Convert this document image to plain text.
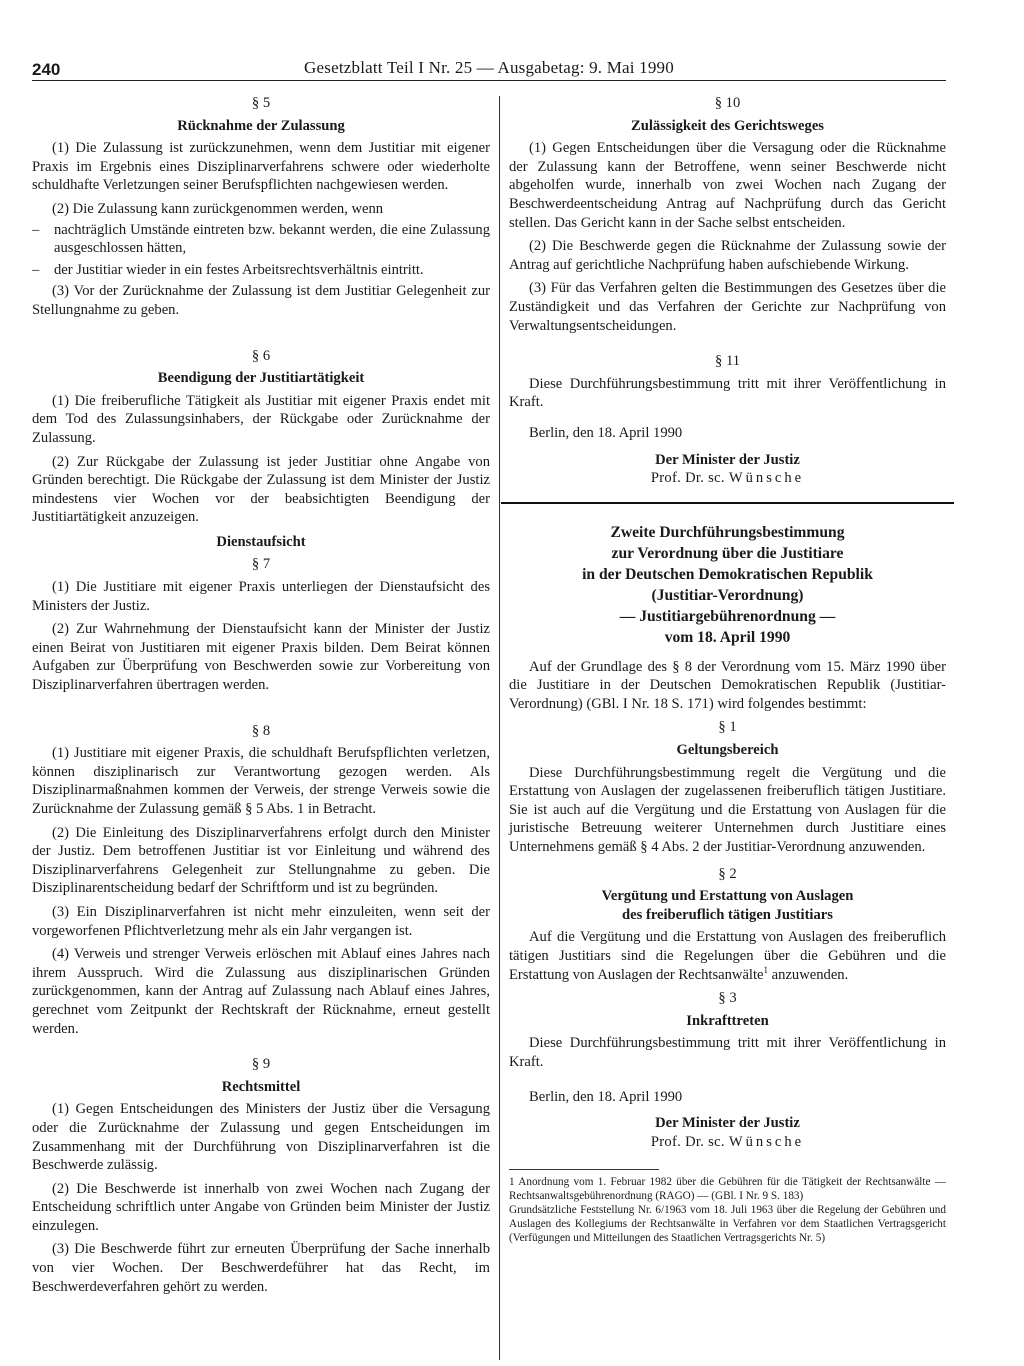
240	Gesetzblatt Teil I Nr. 25 — Ausgabetag: 9. Mai 1990
§ 5
Rücknahme der Zulassung

(1) Die Zulassung ist zurückzunehmen, wenn dem Justitiar mit eigener Praxis im Ergebnis eines Disziplinarverfahrens schwere oder wiederholte schuldhafte Verletzungen seiner Berufspflichten nachgewiesen werden.

(2) Die Zulassung kann zurückgenommen werden, wenn

–	nachträglich Umstände eintreten bzw. bekannt werden, die eine Zulassung ausgeschlossen hätten,
–	der Justitiar wieder in ein festes Arbeitsrechtsverhältnis eintritt.

(3) Vor der Zurücknahme der Zulassung ist dem Justitiar Gelegenheit zur Stellungnahme zu geben.

§ 6
Beendigung der Justitiartätigkeit

(1) Die freiberufliche Tätigkeit als Justitiar mit eigener Praxis endet mit dem Tod des Zulassungsinhabers, der Rückgabe oder Zurücknahme der Zulassung.

(2) Zur Rückgabe der Zulassung ist jeder Justitiar ohne Angabe von Gründen berechtigt. Die Rückgabe der Zulassung ist dem Minister der Justiz mindestens vier Wochen vor der beabsichtigten Beendigung der Justitiartätigkeit anzuzeigen.

Dienstaufsicht
§ 7

(1) Die Justitiare mit eigener Praxis unterliegen der Dienstaufsicht des Ministers der Justiz.

(2) Zur Wahrnehmung der Dienstaufsicht kann der Minister der Justiz einen Beirat von Justitiaren mit eigener Praxis bilden. Dem Beirat können Aufgaben zur Überprüfung von Beschwerden sowie zur Vorbereitung von Disziplinarverfahren übertragen werden.

§ 8

(1) Justitiare mit eigener Praxis, die schuldhaft Berufspflichten verletzen, können disziplinarisch zur Verantwortung gezogen werden. Als Disziplinarmaßnahmen kommen der Verweis, der strenge Verweis sowie die Zurücknahme der Zulassung gemäß § 5 Abs. 1 in Betracht.

(2) Die Einleitung des Disziplinarverfahrens erfolgt durch den Minister der Justiz. Dem betroffenen Justitiar ist vor Einleitung und während des Disziplinarverfahrens Gelegenheit zur Stellungnahme zu geben. Die Disziplinarentscheidung bedarf der Schriftform und ist zu begründen.

(3) Ein Disziplinarverfahren ist nicht mehr einzuleiten, wenn seit der vorgeworfenen Pflichtverletzung mehr als ein Jahr vergangen ist.

(4) Verweis und strenger Verweis erlöschen mit Ablauf eines Jahres nach ihrem Ausspruch. Wird die Zulassung aus disziplinarischen Gründen zurückgenommen, kann der Antrag auf Zulassung nach Ablauf eines Jahres, gerechnet vom Zeitpunkt der Rechtskraft der Rücknahme, erneut gestellt werden.

§ 9
Rechtsmittel

(1) Gegen Entscheidungen des Ministers der Justiz über die Versagung oder die Zurücknahme der Zulassung und gegen Entscheidungen im Zusammenhang mit der Durchführung von Disziplinarverfahren ist die Beschwerde zulässig.

(2) Die Beschwerde ist innerhalb von zwei Wochen nach Zugang der Entscheidung schriftlich unter Angabe von Gründen beim Minister der Justiz einzulegen.

(3) Die Beschwerde führt zur erneuten Überprüfung der Sache innerhalb von vier Wochen. Der Beschwerdeführer hat das Recht, im Beschwerdeverfahren gehört zu werden.

§ 10
Zulässigkeit des Gerichtsweges

(1) Gegen Entscheidungen über die Versagung oder die Rücknahme der Zulassung kann der Betroffene, wenn seiner Beschwerde nicht abgeholfen wurde, innerhalb von zwei Wochen nach Zugang der Beschwerdeentscheidung Antrag auf Nachprüfung durch das Gericht stellen. Das Gericht kann in der Sache selbst entscheiden.

(2) Die Beschwerde gegen die Rücknahme der Zulassung sowie der Antrag auf gerichtliche Nachprüfung haben aufschiebende Wirkung.

(3) Für das Verfahren gelten die Bestimmungen des Gesetzes über die Zuständigkeit und das Verfahren der Gerichte zur Nachprüfung von Verwaltungsentscheidungen.

§ 11

Diese Durchführungsbestimmung tritt mit ihrer Veröffentlichung in Kraft.

Berlin, den 18. April 1990

Der Minister der Justiz
Prof. Dr. sc. Wünsche
Zweite Durchführungsbestimmung
zur Verordnung über die Justitiare
in der Deutschen Demokratischen Republik
(Justitiar-Verordnung)
— Justitiargebührenordnung —
vom 18. April 1990

Auf der Grundlage des § 8 der Verordnung vom 15. März 1990 über die Justitiare in der Deutschen Demokratischen Republik (Justitiar-Verordnung) (GBl. I Nr. 18 S. 171) wird folgendes bestimmt:

§ 1
Geltungsbereich

Diese Durchführungsbestimmung regelt die Vergütung und die Erstattung von Auslagen der zugelassenen freiberuflich tätigen Justitiare. Sie ist auch auf die Vergütung und die Erstattung von Auslagen für die juristische Betreuung weiterer Unternehmen durch Justitiare eines Unternehmens gemäß § 4 Abs. 2 der Justitiar-Verordnung anzuwenden.

§ 2
Vergütung und Erstattung von Auslagen
des freiberuflich tätigen Justitiars

Auf die Vergütung und die Erstattung von Auslagen des freiberuflich tätigen Justitiars sind die Regelungen über die Gebühren und die Erstattung von Auslagen der Rechtsanwälte$^1$ anzuwenden.

§ 3
Inkrafttreten

Diese Durchführungsbestimmung tritt mit ihrer Veröffentlichung in Kraft.

Berlin, den 18. April 1990

Der Minister der Justiz
Prof. Dr. sc. Wünsche

1 Anordnung vom 1. Februar 1982 über die Gebühren für die Tätigkeit der Rechtsanwälte — Rechtsanwaltsgebührenordnung (RAGO) — (GBl. I Nr. 9 S. 183)

Grundsätzliche Feststellung Nr. 6/1963 vom 18. Juli 1963 über die Regelung der Gebühren und Auslagen des Kollegiums der Rechtsanwälte in Verfahren vor dem Staatlichen Vertragsgericht (Verfügungen und Mitteilungen des Staatlichen Vertragsgerichts Nr. 5)
